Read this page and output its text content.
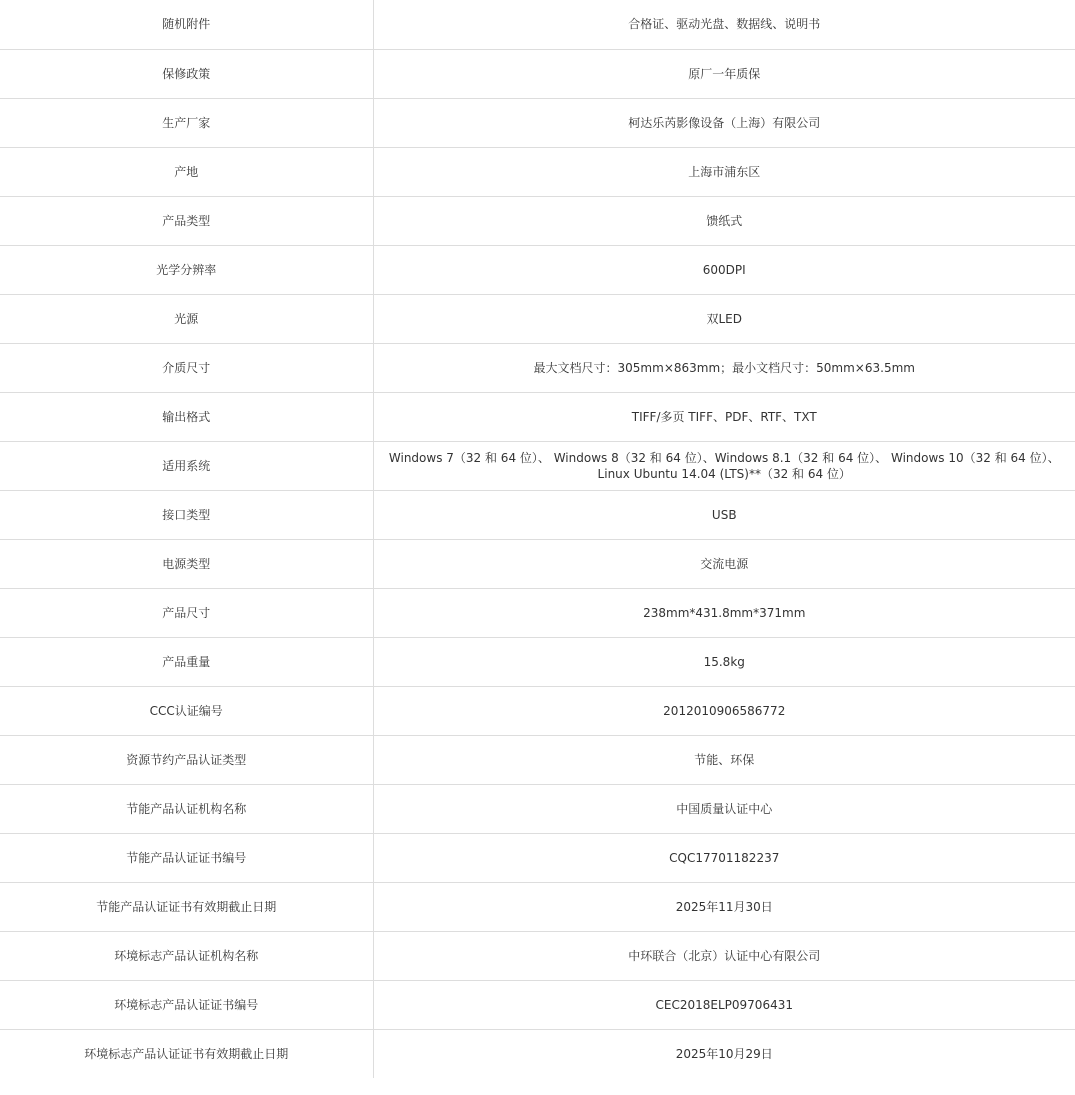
随机附件	合格证、驱动光盘、数据线、说明书
保修政策	原厂一年质保
生产厂家	柯达乐芮影像设备（上海）有限公司
产地	上海市浦东区
产品类型	馈纸式
光学分辨率	600DPI
光源	双LED
介质尺寸	最大文档尺寸：305mm×863mm；最小文档尺寸：50mm×63.5mm
输出格式	TIFF/多页 TIFF、PDF、RTF、TXT
适用系统	Windows 7（32 和 64 位）、 Windows 8（32 和 64 位）、Windows 8.1（32 和 64 位）、 Windows 10（32 和 64 位）、Linux Ubuntu 14.04 (LTS)**（32 和 64 位）
接口类型	USB
电源类型	交流电源
产品尺寸	238mm*431.8mm*371mm
产品重量	15.8kg
CCC认证编号	2012010906586772
资源节约产品认证类型	节能、环保
节能产品认证机构名称	中国质量认证中心
节能产品认证证书编号	CQC17701182237
节能产品认证证书有效期截止日期	2025年11月30日
环境标志产品认证机构名称	中环联合（北京）认证中心有限公司
环境标志产品认证证书编号	CEC2018ELP09706431
环境标志产品认证证书有效期截止日期	2025年10月29日
